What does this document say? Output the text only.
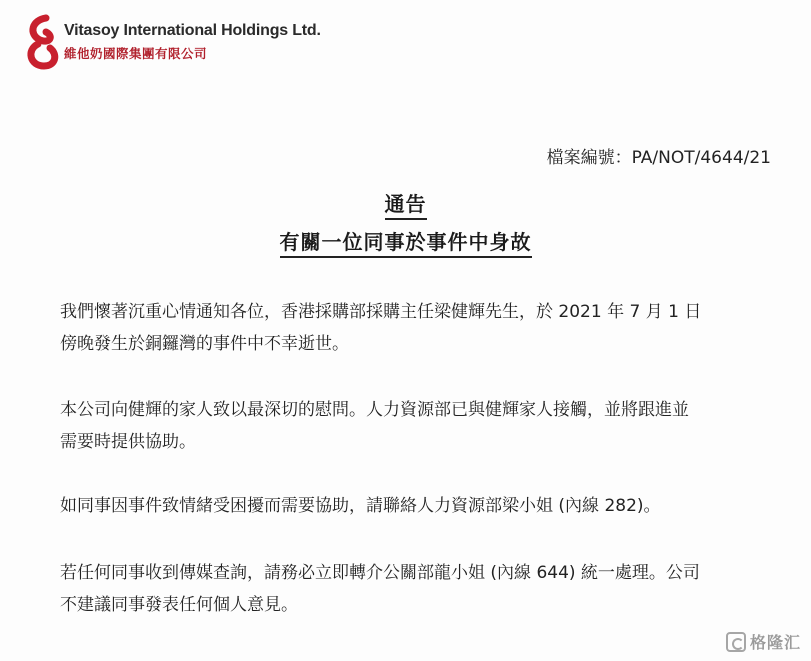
Vitasoy International Holdings Ltd.
維他奶國際集團有限公司
檔案編號：PA/NOT/4644/21
通告
有關一位同事於事件中身故
我們懷著沉重心情通知各位，香港採購部採購主任梁健輝先生，於 2021 年 7 月 1 日
傍晚發生於銅鑼灣的事件中不幸逝世。
本公司向健輝的家人致以最深切的慰問。人力資源部已與健輝家人接觸，並將跟進並
需要時提供協助。
如同事因事件致情緒受困擾而需要協助，請聯絡人力資源部梁小姐 (內線 282)。
若任何同事收到傳媒查詢，請務必立即轉介公關部龍小姐 (內線 644) 統一處理。公司
不建議同事發表任何個人意見。
格隆汇
